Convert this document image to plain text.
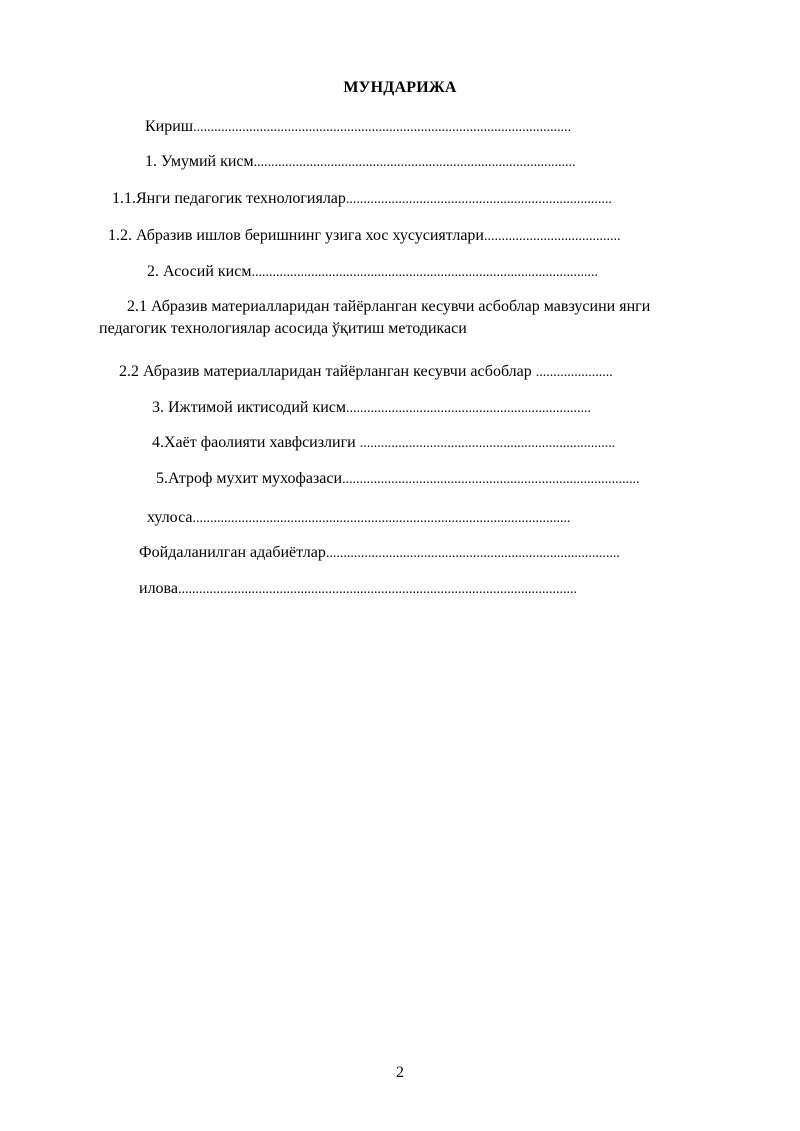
МУНДАРИЖА
Кириш............................................................................................................
1. Умумий кисм............................................................................................
1.1.Янги педагогик технологиялар............................................................................
1.2. Абразив ишлов беришнинг узига хос хусусиятлари.......................................
2. Асосий кисм...................................................................................................
2.1 Абразив материалларидан тайёрланган кесувчи асбоблар мавзусини янги
педагогик технологиялар асосида ўқитиш методикаси
2.2 Абразив материалларидан тайёрланган кесувчи асбоблар ......................
3. Ижтимой иктисодий кисм......................................................................
4.Хаёт фаолияти хавфсизлиги .........................................................................
5.Атроф мухит мухофазаси.....................................................................................
хулоса............................................................................................................
Фойдаланилган адабиётлар....................................................................................
илова..................................................................................................................
2
